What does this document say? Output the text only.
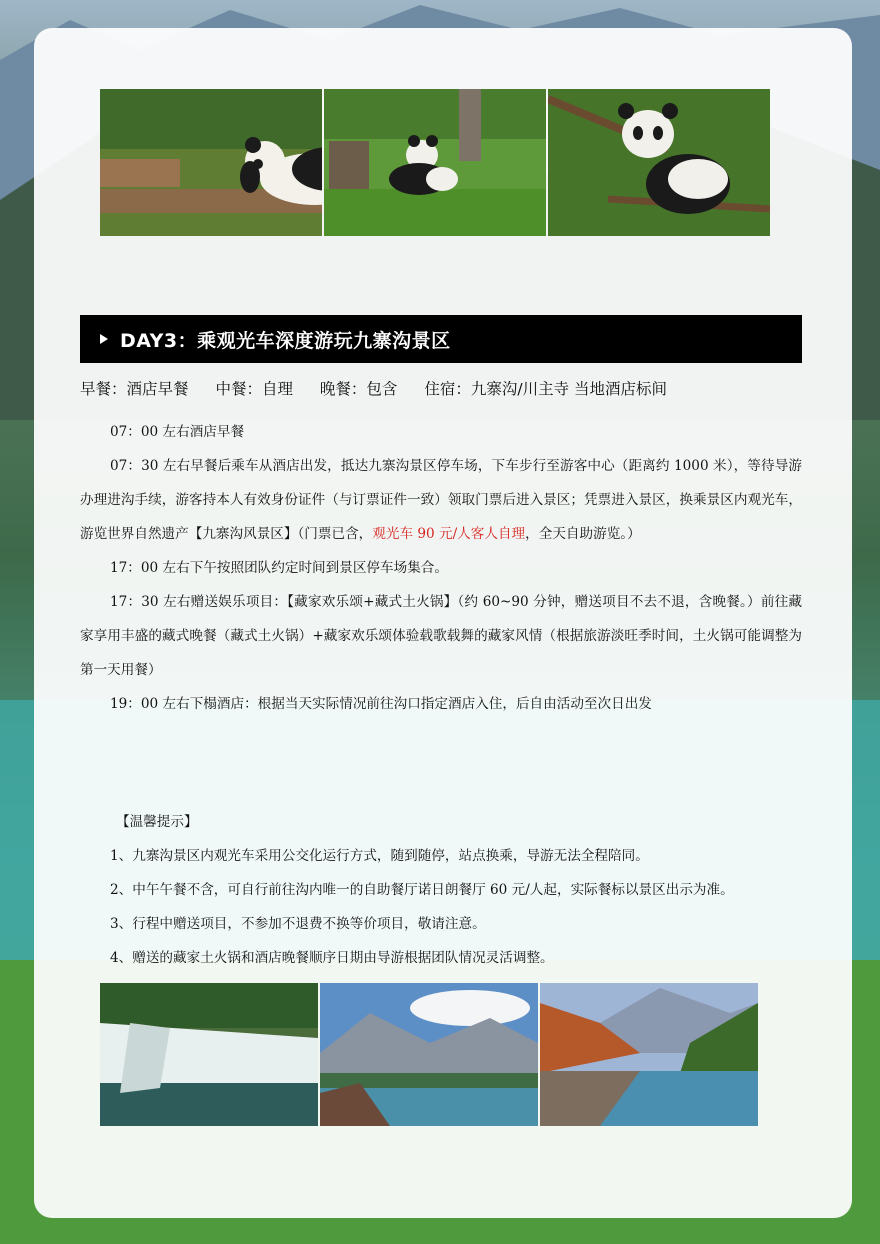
DAY3：乘观光车深度游玩九寨沟景区
早餐：酒店早餐 中餐：自理 晚餐：包含 住宿：九寨沟/川主寺 当地酒店标间

07：00 左右酒店早餐

07：30 左右早餐后乘车从酒店出发，抵达九寨沟景区停车场，下车步行至游客中心（距离约 1000 米），等待导游办理进沟手续，游客持本人有效身份证件（与订票证件一致）领取门票后进入景区；凭票进入景区，换乘景区内观光车，游览世界自然遗产【九寨沟风景区】（门票已含，观光车 90 元/人客人自理，全天自助游览。）

17：00 左右下午按照团队约定时间到景区停车场集合。

17：30 左右赠送娱乐项目：【藏家欢乐颂+藏式土火锅】（约 60~90 分钟，赠送项目不去不退，含晚餐。）前往藏家享用丰盛的藏式晚餐（藏式土火锅）+藏家欢乐颂体验载歌载舞的藏家风情（根据旅游淡旺季时间，土火锅可能调整为第一天用餐）

19：00 左右下榻酒店：根据当天实际情况前往沟口指定酒店入住，后自由活动至次日出发

【温馨提示】

1、九寨沟景区内观光车采用公交化运行方式，随到随停，站点换乘，导游无法全程陪同。

2、中午午餐不含，可自行前往沟内唯一的自助餐厅诺日朗餐厅 60 元/人起，实际餐标以景区出示为准。

3、行程中赠送项目，不参加不退费不换等价项目，敬请注意。

4、赠送的藏家土火锅和酒店晚餐顺序日期由导游根据团队情况灵活调整。
